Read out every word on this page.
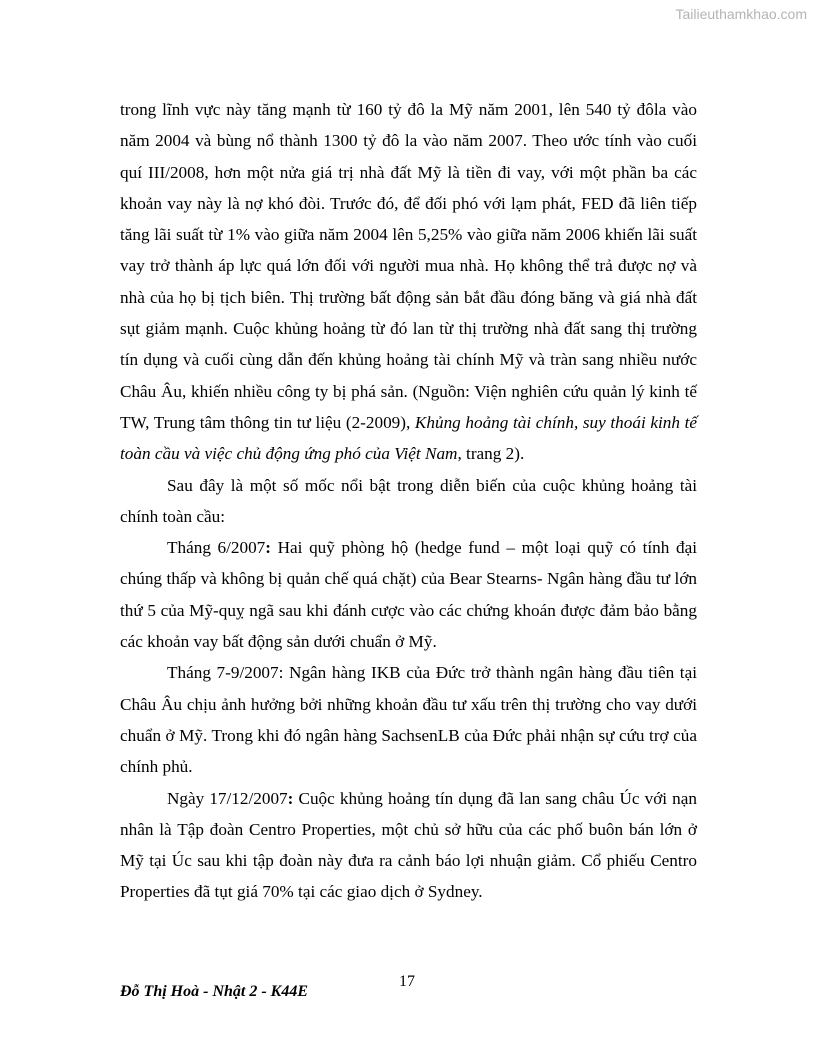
Tailieuthamkhao.com

trong lĩnh vực này tăng mạnh từ 160 tỷ đô la Mỹ năm 2001, lên 540 tỷ đôla vào năm 2004 và bùng nổ thành 1300 tỷ đô la vào năm 2007. Theo ước tính vào cuối quí III/2008, hơn một nửa giá trị nhà đất Mỹ là tiền đi vay, với một phần ba các khoản vay này là nợ khó đòi. Trước đó, để đối phó với lạm phát, FED đã liên tiếp tăng lãi suất từ 1% vào giữa năm 2004 lên 5,25% vào giữa năm 2006 khiến lãi suất vay trở thành áp lực quá lớn đối với người mua nhà. Họ không thể trả được nợ và nhà của họ bị tịch biên. Thị trường bất động sản bắt đầu đóng băng và giá nhà đất sụt giảm mạnh. Cuộc khủng hoảng từ đó lan từ thị trường nhà đất sang thị trường tín dụng và cuối cùng dẫn đến khủng hoảng tài chính Mỹ và tràn sang nhiều nước Châu Âu, khiến nhiều công ty bị phá sản. (Nguồn: Viện nghiên cứu quản lý kinh tế TW, Trung tâm thông tin tư liệu (2-2009), Khủng hoảng tài chính, suy thoái kinh tế toàn cầu và việc chủ động ứng phó của Việt Nam, trang 2).

Sau đây là một số mốc nổi bật trong diễn biến của cuộc khủng hoảng tài chính toàn cầu:

Tháng 6/2007: Hai quỹ phòng hộ (hedge fund – một loại quỹ có tính đại chúng thấp và không bị quản chế quá chặt) của Bear Stearns- Ngân hàng đầu tư lớn thứ 5 của Mỹ-quỵ ngã sau khi đánh cược vào các chứng khoán được đảm bảo bằng các khoản vay bất động sản dưới chuẩn ở Mỹ.

Tháng 7-9/2007: Ngân hàng IKB của Đức trở thành ngân hàng đầu tiên tại Châu Âu chịu ảnh hưởng bởi những khoản đầu tư xấu trên thị trường cho vay dưới chuẩn ở Mỹ. Trong khi đó ngân hàng SachsenLB của Đức phải nhận sự cứu trợ của chính phủ.

Ngày 17/12/2007: Cuộc khủng hoảng tín dụng đã lan sang châu Úc với nạn nhân là Tập đoàn Centro Properties, một chủ sở hữu của các phố buôn bán lớn ở Mỹ tại Úc sau khi tập đoàn này đưa ra cảnh báo lợi nhuận giảm. Cổ phiếu Centro Properties đã tụt giá 70% tại các giao dịch ở Sydney.

17
Đỗ Thị Hoà - Nhật 2 - K44E
